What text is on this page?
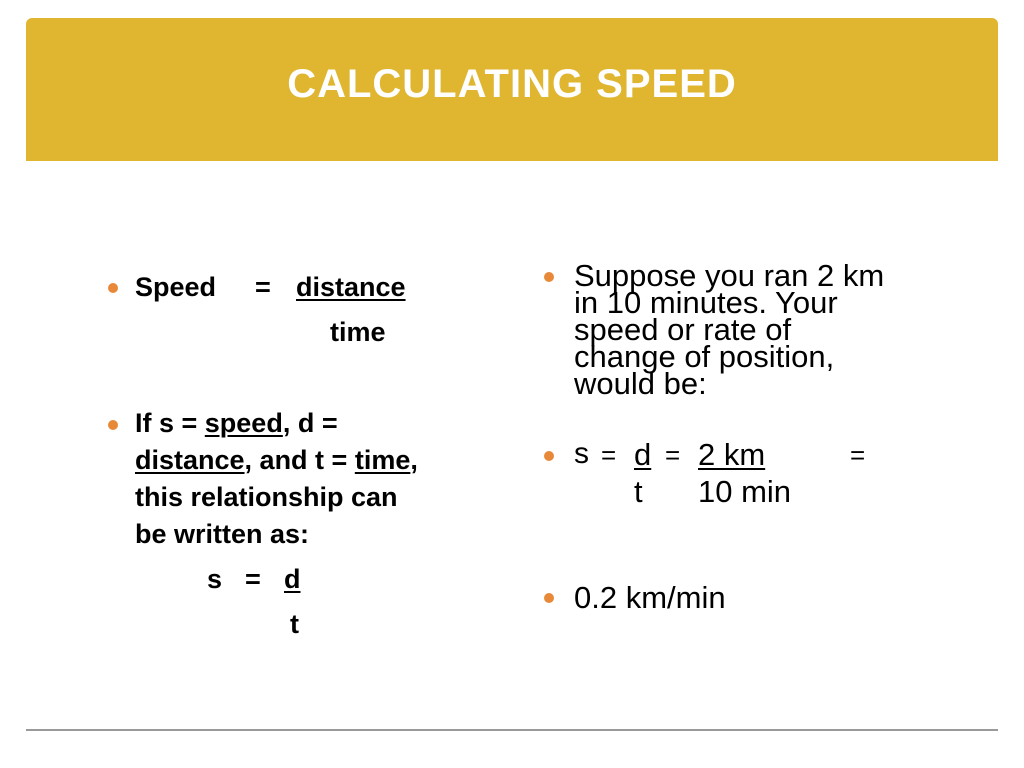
CALCULATING SPEED
Speed = distance
time
If s = speed, d =
distance, and t = time,
this relationship can
be written as:
s = d
t
Suppose you ran 2 km
in 10 minutes. Your
speed or rate of
change of position,
would be:
s = d = 2 km	=
t 10 min
0.2 km/min
